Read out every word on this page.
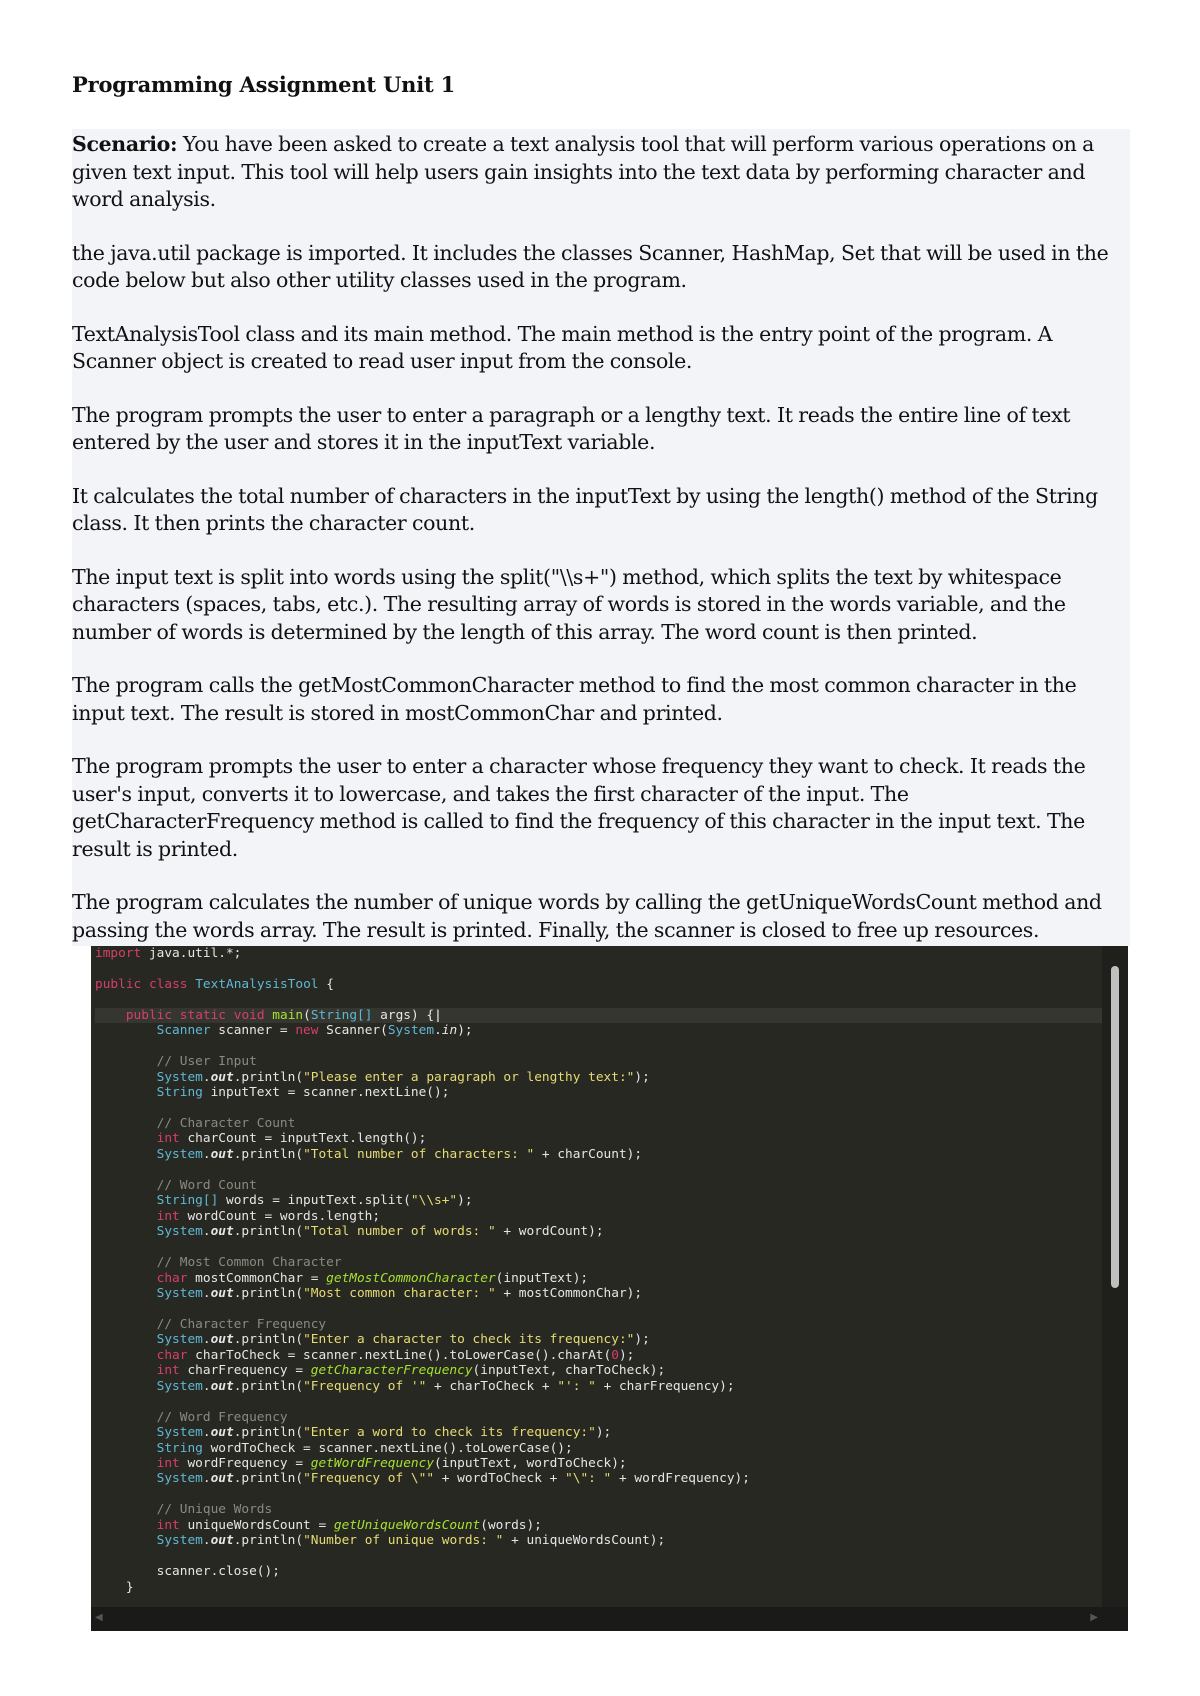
Programming Assignment Unit 1

Scenario: You have been asked to create a text analysis tool that will perform various operations on a given text input. This tool will help users gain insights into the text data by performing character and word analysis.

the java.util package is imported. It includes the classes Scanner, HashMap, Set that will be used in the code below but also other utility classes used in the program.

TextAnalysisTool class and its main method. The main method is the entry point of the program. A Scanner object is created to read user input from the console.

The program prompts the user to enter a paragraph or a lengthy text. It reads the entire line of text entered by the user and stores it in the inputText variable.

It calculates the total number of characters in the inputText by using the length() method of the String class. It then prints the character count.

The input text is split into words using the split("\\s+") method, which splits the text by whitespace characters (spaces, tabs, etc.). The resulting array of words is stored in the words variable, and the number of words is determined by the length of this array. The word count is then printed.

The program calls the getMostCommonCharacter method to find the most common character in the input text. The result is stored in mostCommonChar and printed.

The program prompts the user to enter a character whose frequency they want to check. It reads the user's input, converts it to lowercase, and takes the first character of the input. The getCharacterFrequency method is called to find the frequency of this character in the input text. The result is printed.

The program calculates the number of unique words by calling the getUniqueWordsCount method and passing the words array. The result is printed. Finally, the scanner is closed to free up resources.

import java.util.*;

public class TextAnalysisTool {

public static void main(String[] args) {|
Scanner scanner = new Scanner(System.in);

// User Input
System.out.println("Please enter a paragraph or lengthy text:");
String inputText = scanner.nextLine();

// Character Count
int charCount = inputText.length();
System.out.println("Total number of characters: " + charCount);

// Word Count
String[] words = inputText.split("\\s+");
int wordCount = words.length;
System.out.println("Total number of words: " + wordCount);

// Most Common Character
char mostCommonChar = getMostCommonCharacter(inputText);
System.out.println("Most common character: " + mostCommonChar);

// Character Frequency
System.out.println("Enter a character to check its frequency:");
char charToCheck = scanner.nextLine().toLowerCase().charAt(0);
int charFrequency = getCharacterFrequency(inputText, charToCheck);
System.out.println("Frequency of '" + charToCheck + "': " + charFrequency);

// Word Frequency
System.out.println("Enter a word to check its frequency:");
String wordToCheck = scanner.nextLine().toLowerCase();
int wordFrequency = getWordFrequency(inputText, wordToCheck);
System.out.println("Frequency of \"" + wordToCheck + "\": " + wordFrequency);

// Unique Words
int uniqueWordsCount = getUniqueWordsCount(words);
System.out.println("Number of unique words: " + uniqueWordsCount);

scanner.close();
}
◀	▶
